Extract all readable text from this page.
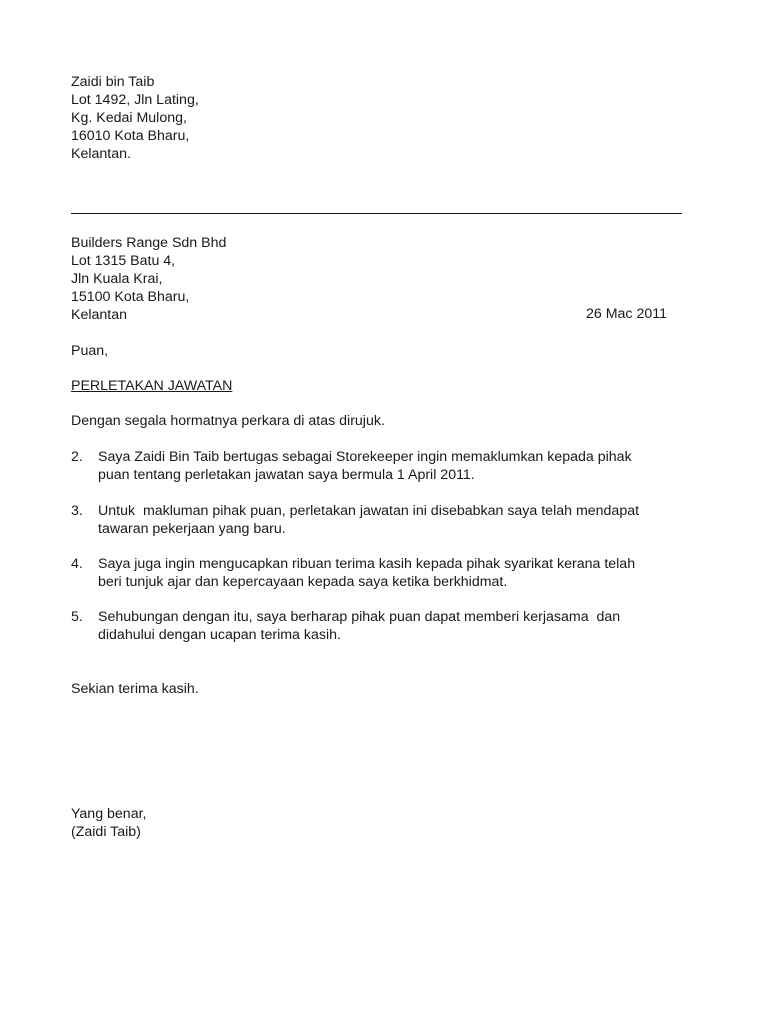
Zaidi bin Taib
Lot 1492, Jln Lating,
Kg. Kedai Mulong,
16010 Kota Bharu,
Kelantan.
Builders Range Sdn Bhd
Lot 1315 Batu 4,
Jln Kuala Krai,
15100 Kota Bharu,
Kelantan	26 Mac 2011
Puan,
PERLETAKAN JAWATAN
Dengan segala hormatnya perkara di atas dirujuk.
2. Saya Zaidi Bin Taib bertugas sebagai Storekeeper ingin memaklumkan kepada pihak
puan tentang perletakan jawatan saya bermula 1 April 2011.
3. Untuk  makluman pihak puan, perletakan jawatan ini disebabkan saya telah mendapat
tawaran pekerjaan yang baru.
4. Saya juga ingin mengucapkan ribuan terima kasih kepada pihak syarikat kerana telah
beri tunjuk ajar dan kepercayaan kepada saya ketika berkhidmat.
5. Sehubungan dengan itu, saya berharap pihak puan dapat memberi kerjasama  dan
didahului dengan ucapan terima kasih.
Sekian terima kasih.
Yang benar,
(Zaidi Taib)
